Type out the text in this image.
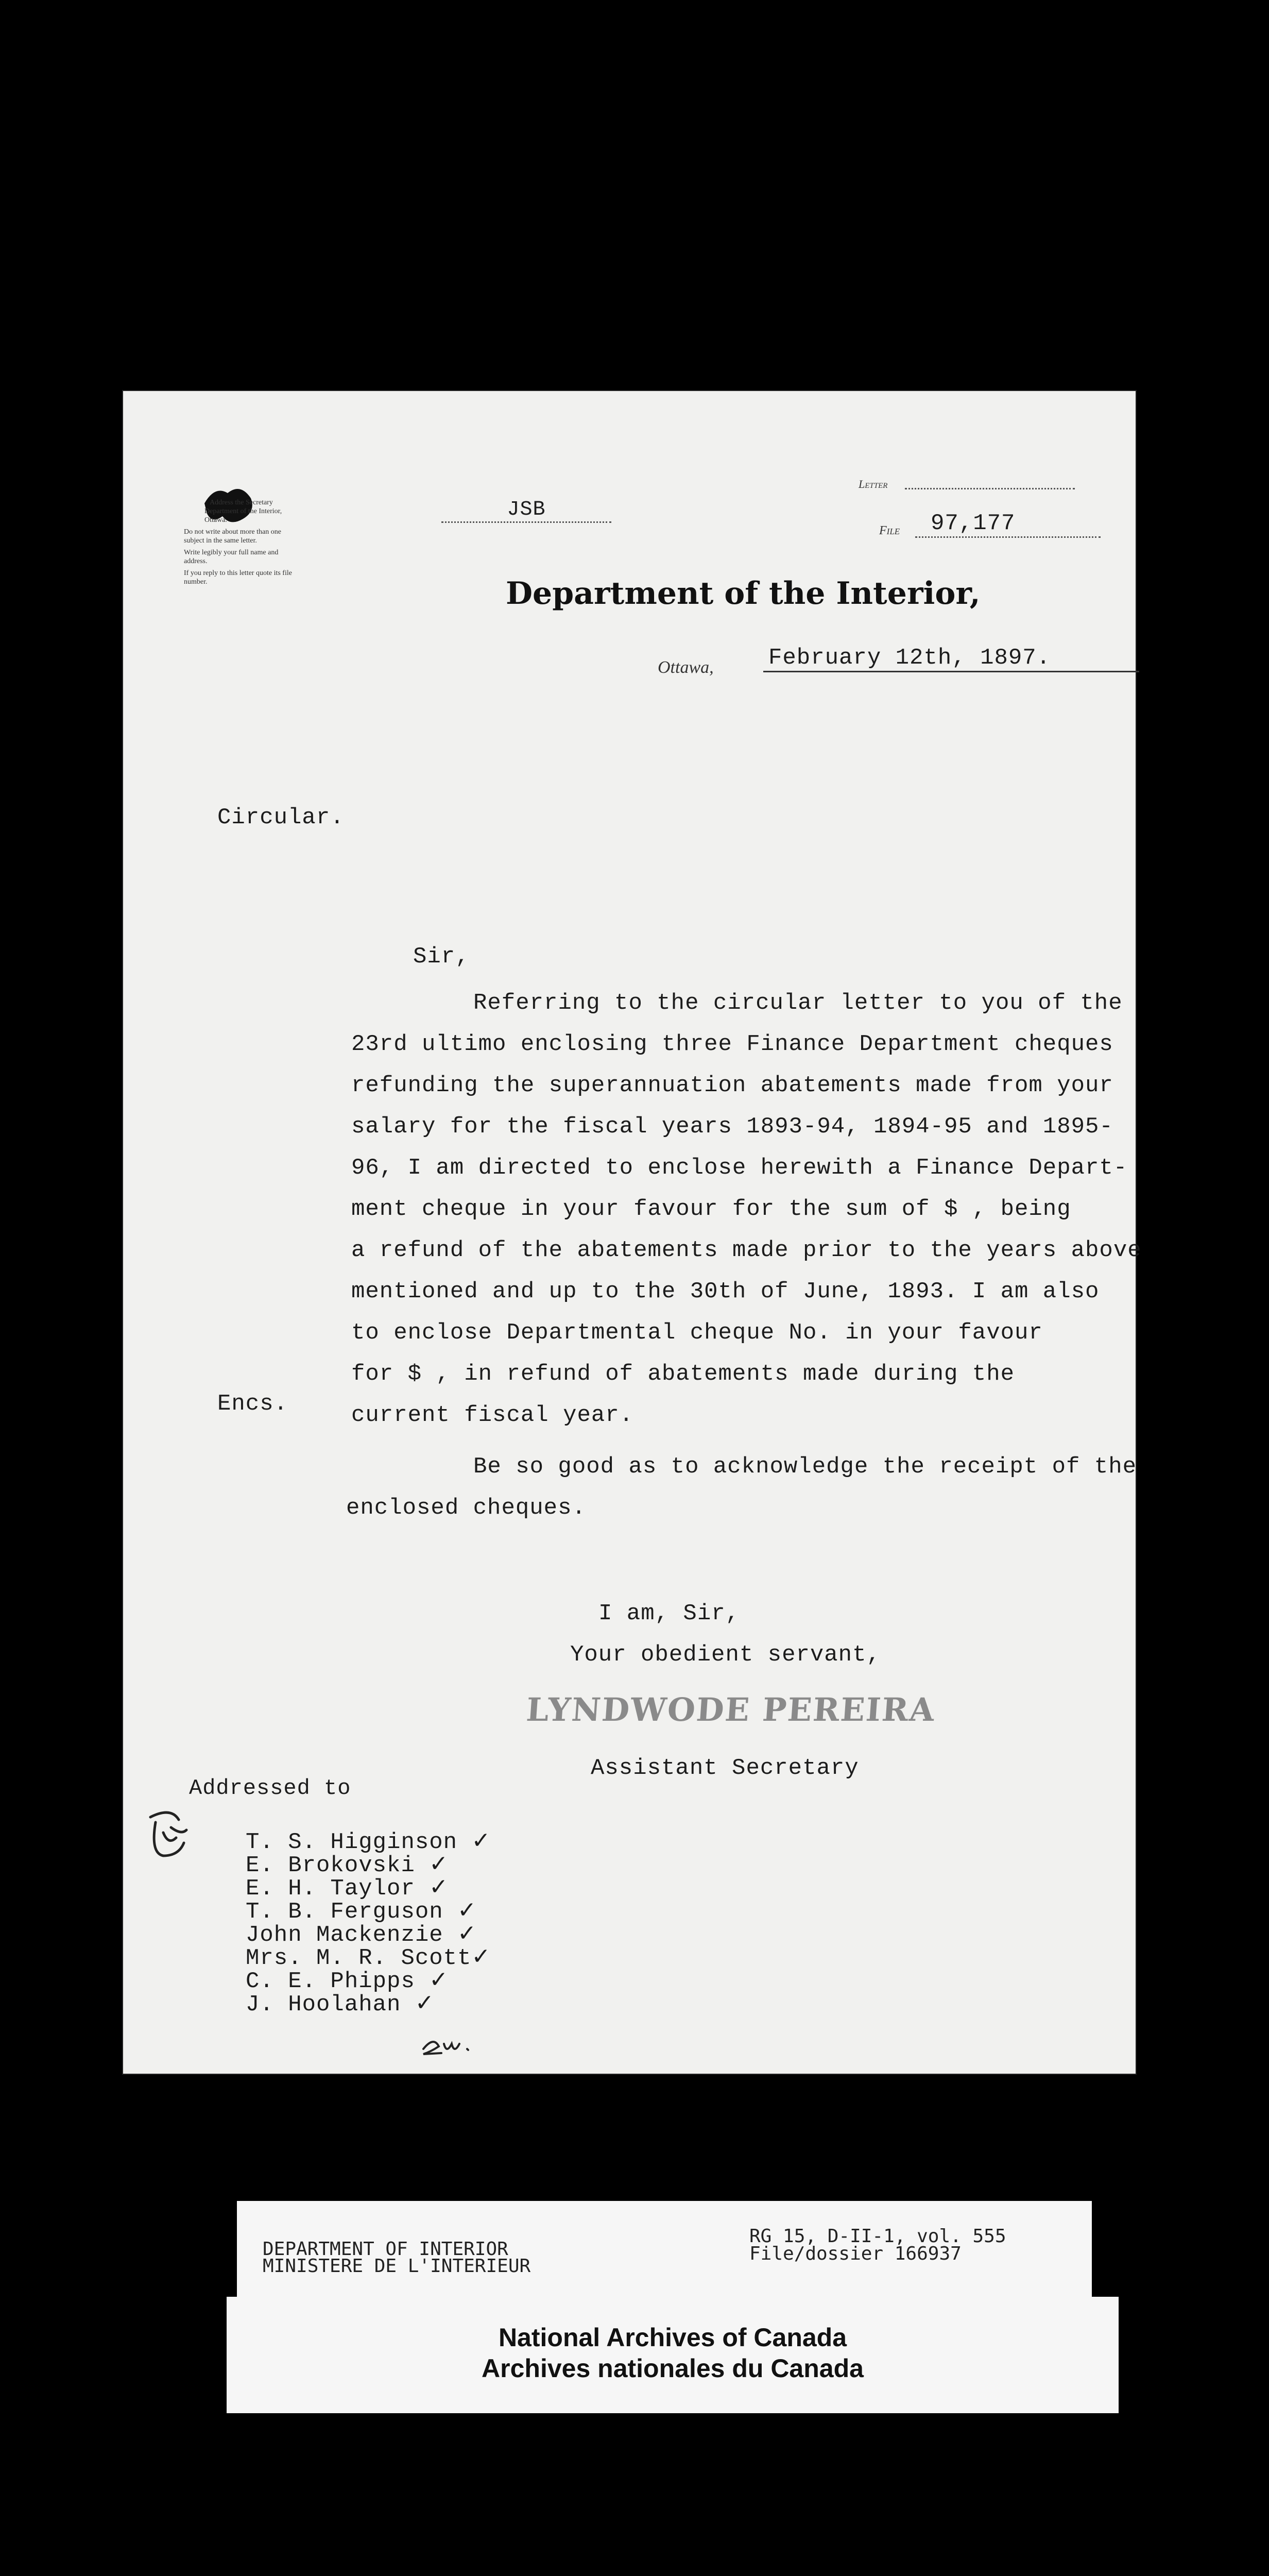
Address the Secretary
Department of the Interior, Ottawa.
Do not write about more than one subject in the same letter.
Write legibly your full name and address.
If you reply to this letter quote its file number.
JSB
Letter
File	97,177
Department of the Interior,
Ottawa, February 12th, 1897.
Circular.
Sir,
Referring to the circular letter to you of the
23rd ultimo enclosing three Finance Department cheques
refunding the superannuation abatements made from your
salary for the fiscal years 1893-94, 1894-95 and 1895-
96, I am directed to enclose herewith a Finance Depart-
ment cheque in your favour for the sum of $ , being
a refund of the abatements made prior to the years above
mentioned and up to the 30th of June, 1893. I am also
to enclose Departmental cheque No. in your favour
for $ , in refund of abatements made during the
current fiscal year.
Encs.
Be so good as to acknowledge the receipt of the
enclosed cheques.
I am, Sir,
Your obedient servant,
LYNDWODE PEREIRA
Assistant Secretary
Addressed to
T. S. Higginson ✓
E. Brokovski ✓
E. H. Taylor ✓
T. B. Ferguson ✓
John Mackenzie ✓
Mrs. M. R. Scott✓
C. E. Phipps ✓
J. Hoolahan ✓
DEPARTMENT OF INTERIOR
MINISTERE DE L'INTERIEUR
RG 15, D-II-1, vol. 555
File/dossier 166937
National Archives of Canada
Archives nationales du Canada
